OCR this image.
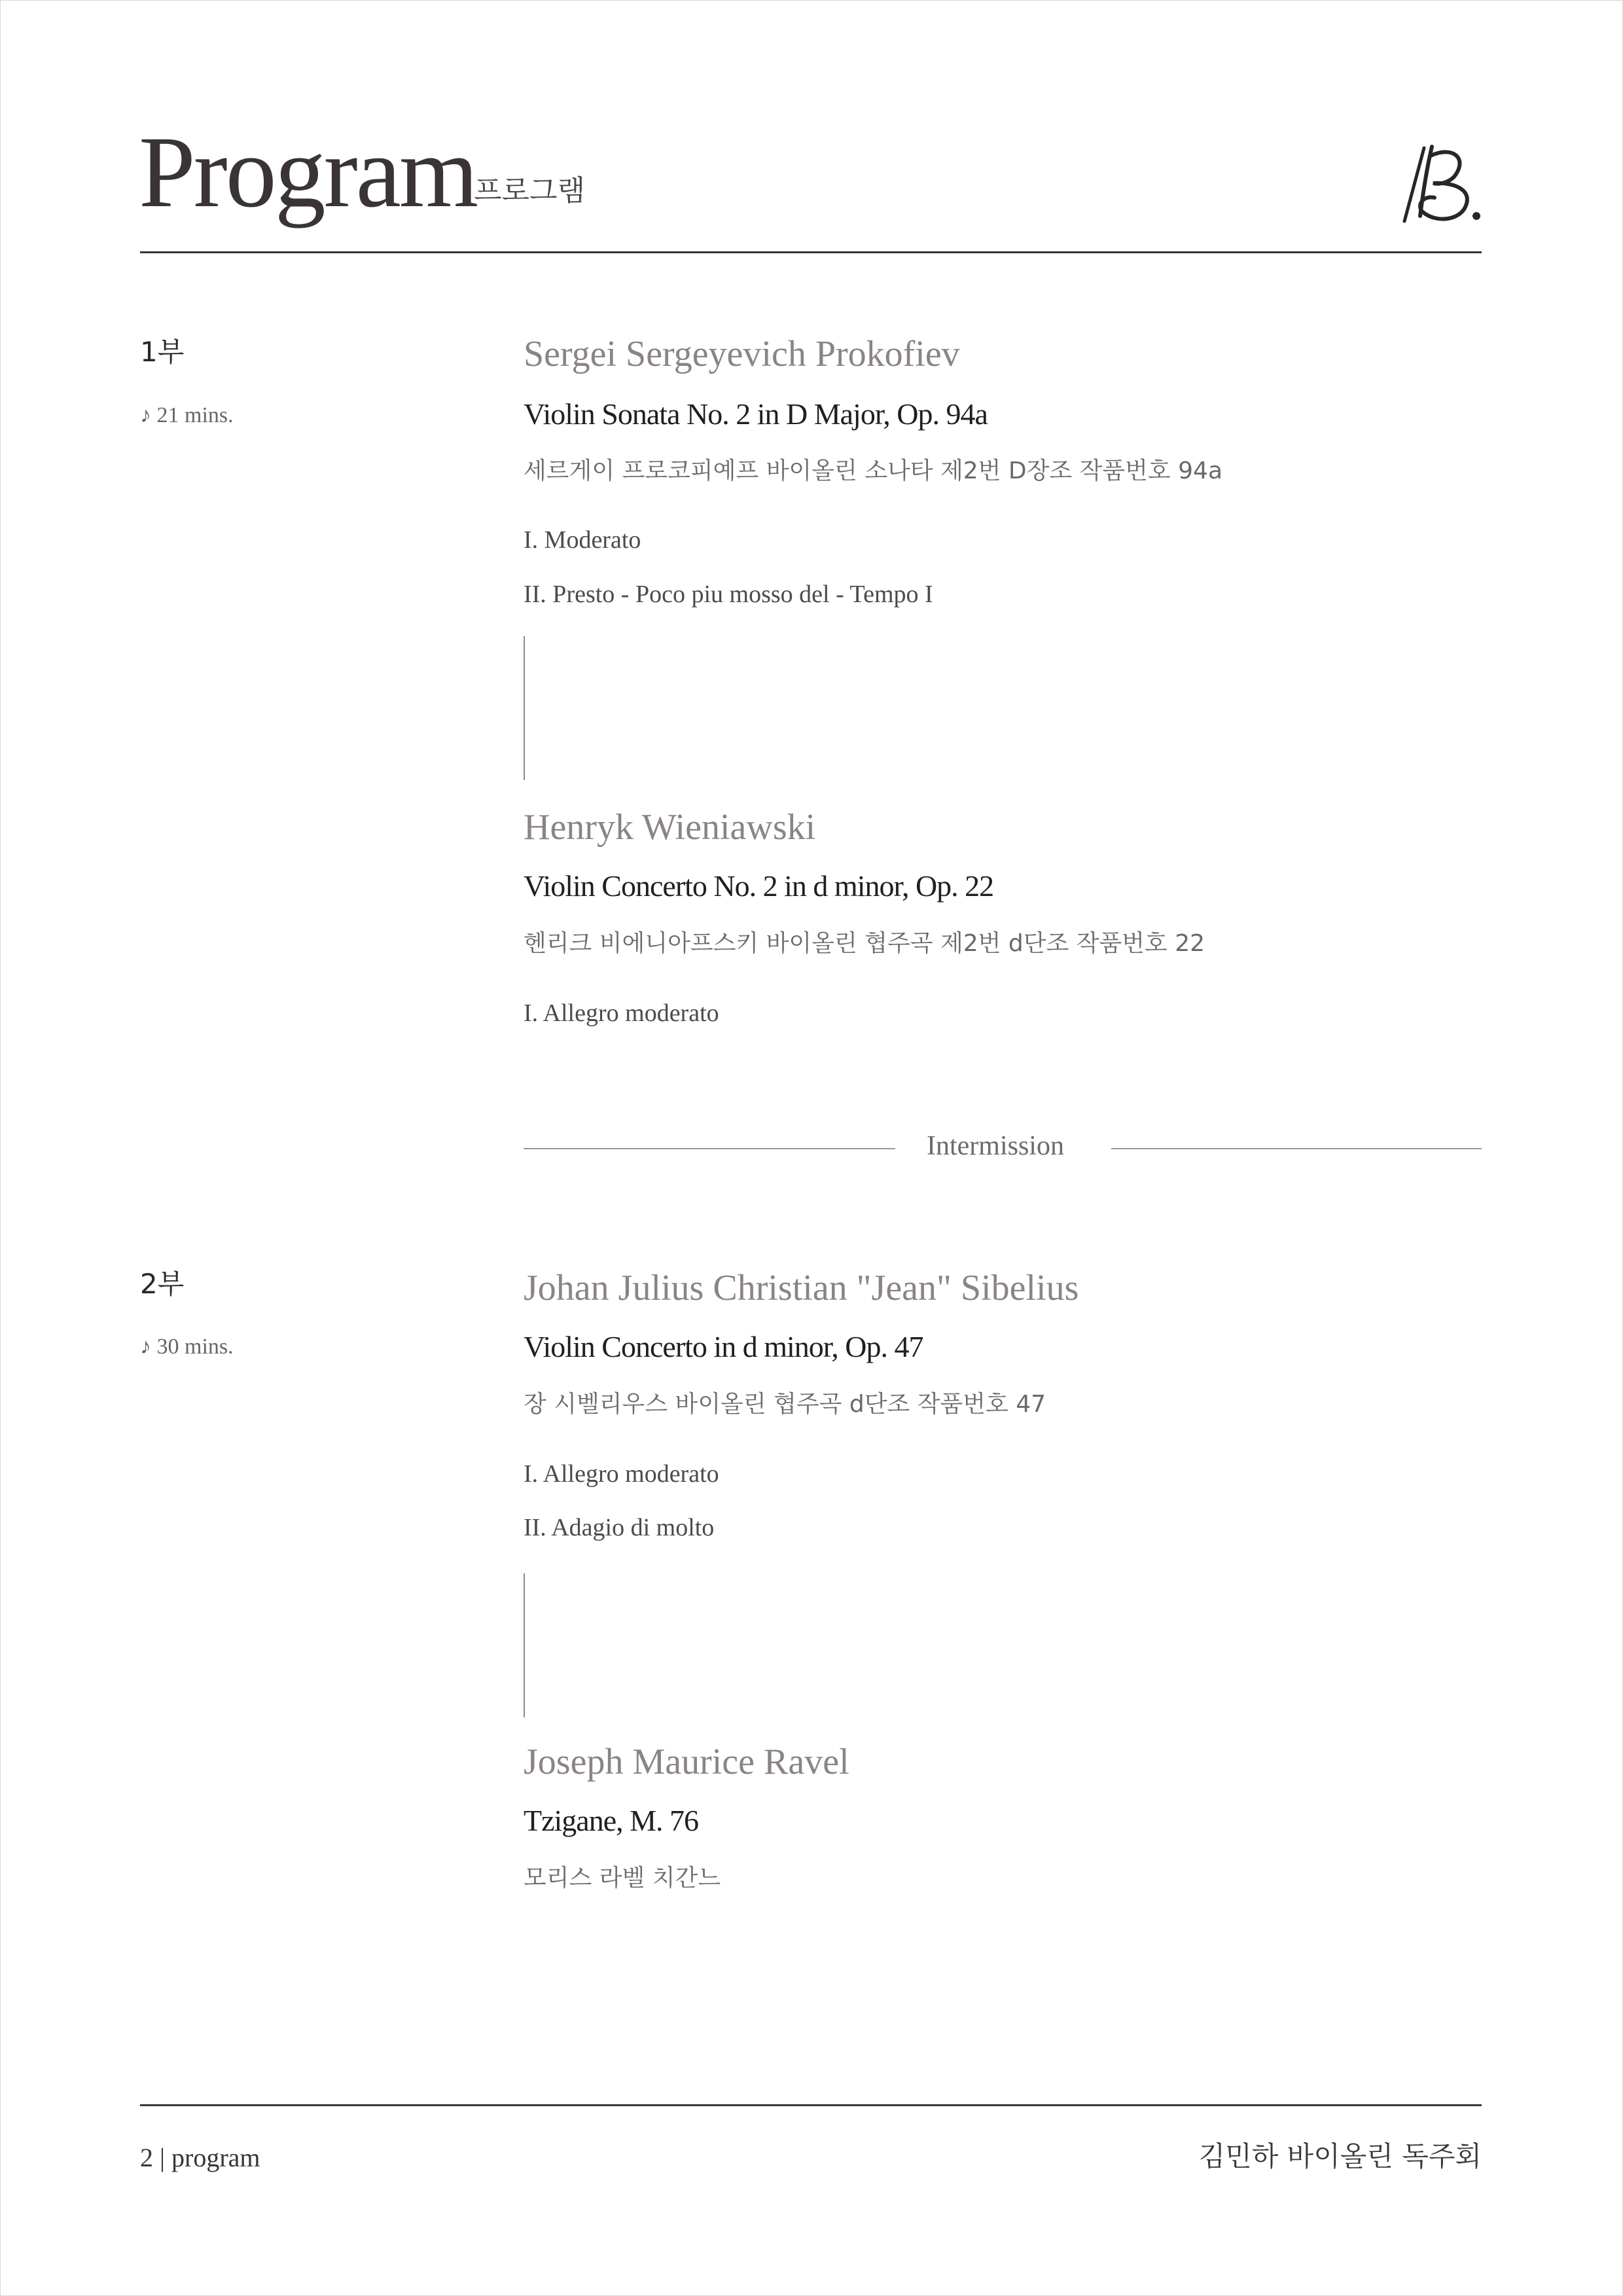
Program
프로그램
1부
♪ 21 mins.
Sergei Sergeyevich Prokofiev
Violin Sonata No. 2 in D Major, Op. 94a
세르게이 프로코피예프 바이올린 소나타 제2번 D장조 작품번호 94a
I. Moderato
II. Presto - Poco piu mosso del - Tempo I
Henryk Wieniawski
Violin Concerto No. 2 in d minor, Op. 22
헨리크 비에니아프스키 바이올린 협주곡 제2번 d단조 작품번호 22
I. Allegro moderato
Intermission
2부
♪ 30 mins.
Johan Julius Christian "Jean" Sibelius
Violin Concerto in d minor, Op. 47
장 시벨리우스 바이올린 협주곡 d단조 작품번호 47
I. Allegro moderato
II. Adagio di molto
Joseph Maurice Ravel
Tzigane, M. 76
모리스 라벨 치간느
2 | program	김민하 바이올린 독주회
